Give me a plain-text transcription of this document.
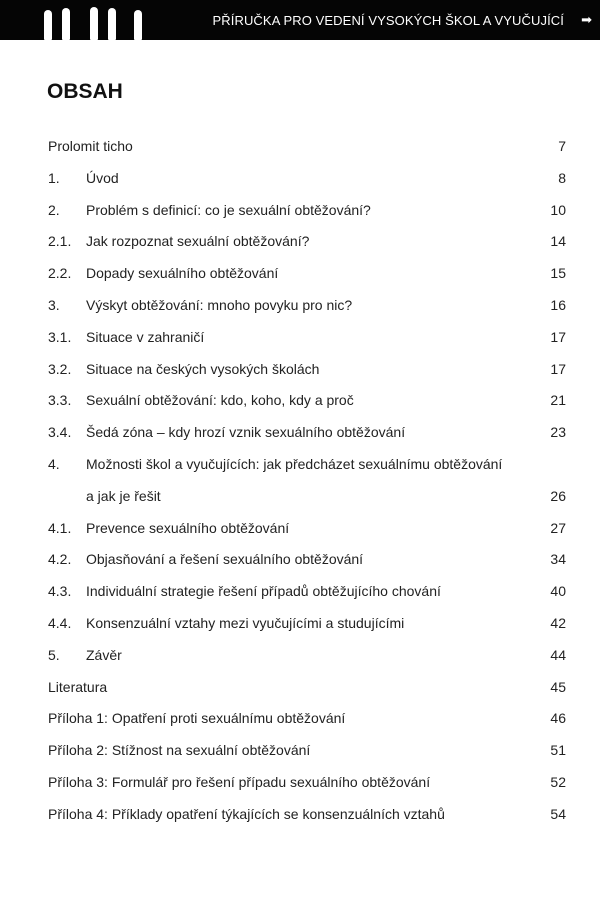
PŘÍRUČKA PRO VEDENÍ VYSOKÝCH ŠKOL A VYUČUJÍCÍ ➡
OBSAH
Prolomit ticho	7
1. Úvod	8
2. Problém s definicí: co je sexuální obtěžování?	10
2.1. Jak rozpoznat sexuální obtěžování?	14
2.2. Dopady sexuálního obtěžování	15
3. Výskyt obtěžování: mnoho povyku pro nic?	16
3.1. Situace v zahraničí	17
3.2. Situace na českých vysokých školách	17
3.3. Sexuální obtěžování: kdo, koho, kdy a proč	21
3.4. Šedá zóna – kdy hrozí vznik sexuálního obtěžování	23
4. Možnosti škol a vyučujících: jak předcházet sexuálnímu obtěžování
a jak je řešit	26
4.1. Prevence sexuálního obtěžování	27
4.2. Objasňování a řešení sexuálního obtěžování	34
4.3. Individuální strategie řešení případů obtěžujícího chování	40
4.4. Konsenzuální vztahy mezi vyučujícími a studujícími	42
5. Závěr	44
Literatura	45
Příloha 1: Opatření proti sexuálnímu obtěžování	46
Příloha 2: Stížnost na sexuální obtěžování	51
Příloha 3: Formulář pro řešení případu sexuálního obtěžování	52
Příloha 4: Příklady opatření týkajících se konsenzuálních vztahů	54
